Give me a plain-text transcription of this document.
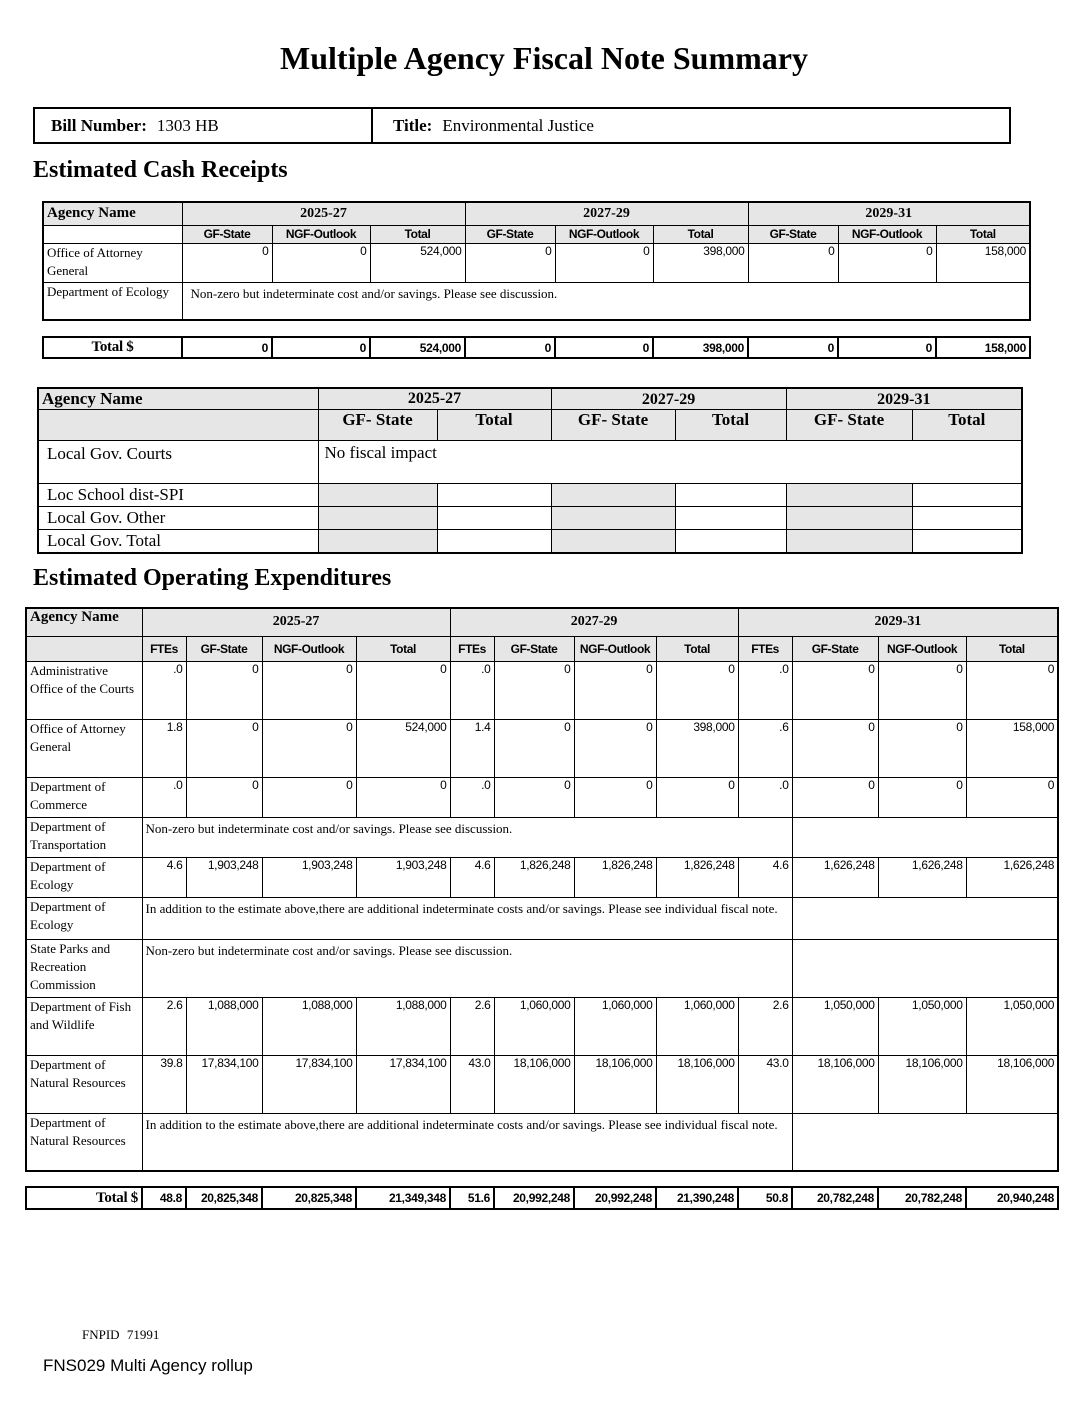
Multiple Agency Fiscal Note Summary
Bill Number: 1303 HB	Title: Environmental Justice
Estimated Cash Receipts
Agency Name	2025-27			2027-29			2029-31		
	GF-State	NGF-Outlook	Total	GF-State	NGF-Outlook	Total	GF-State	NGF-Outlook	Total
Office of Attorney General	0	0	524,000	0	0	398,000	0	0	158,000
Department of Ecology	Non-zero but indeterminate cost and/or savings. Please see discussion.								
Total $	0	0	524,000	0	0	398,000	0	0	158,000
Agency Name	2025-27		2027-29		2029-31	
	GF- State	Total	GF- State	Total	GF- State	Total
Local Gov. Courts	No fiscal impact					
Loc School dist-SPI						
Local Gov. Other						
Local Gov. Total						
Estimated Operating Expenditures
Agency Name	2025-27				2027-29				2029-31			
	FTEs	GF-State	NGF-Outlook	Total	FTEs	GF-State	NGF-Outlook	Total	FTEs	GF-State	NGF-Outlook	Total
Administrative Office of the Courts	.0	0	0	0	.0	0	0	0	.0	0	0	0
Office of Attorney General	1.8	0	0	524,000	1.4	0	0	398,000	.6	0	0	158,000
Department of Commerce	.0	0	0	0	.0	0	0	0	.0	0	0	0
Department of Transportation	Non-zero but indeterminate cost and/or savings. Please see discussion.											
Department of Ecology	4.6	1,903,248	1,903,248	1,903,248	4.6	1,826,248	1,826,248	1,826,248	4.6	1,626,248	1,626,248	1,626,248
Department of Ecology	In addition to the estimate above,there are additional indeterminate costs and/or savings. Please see individual fiscal note.											
State Parks and Recreation Commission	Non-zero but indeterminate cost and/or savings. Please see discussion.											
Department of Fish and Wildlife	2.6	1,088,000	1,088,000	1,088,000	2.6	1,060,000	1,060,000	1,060,000	2.6	1,050,000	1,050,000	1,050,000
Department of Natural Resources	39.8	17,834,100	17,834,100	17,834,100	43.0	18,106,000	18,106,000	18,106,000	43.0	18,106,000	18,106,000	18,106,000
Department of Natural Resources	In addition to the estimate above,there are additional indeterminate costs and/or savings. Please see individual fiscal note.											
Total $	48.8	20,825,348	20,825,348	21,349,348	51.6	20,992,248	20,992,248	21,390,248	50.8	20,782,248	20,782,248	20,940,248
FNPID 71991
FNS029 Multi Agency rollup
